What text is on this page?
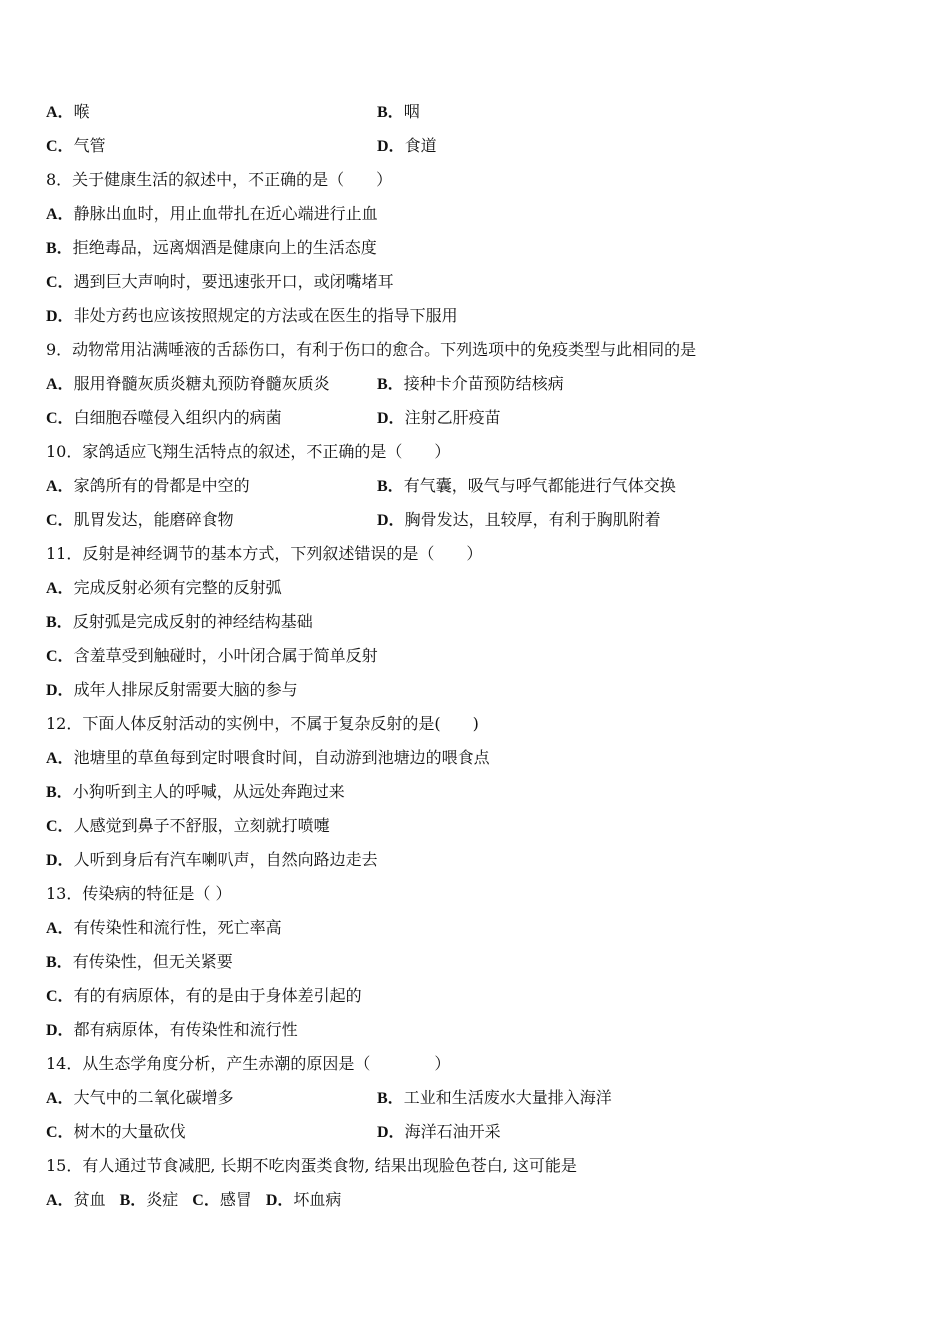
A．喉	B．咽
C．气管	D．食道
8．关于健康生活的叙述中，不正确的是（　　）
A．静脉出血时，用止血带扎在近心端进行止血
B．拒绝毒品，远离烟酒是健康向上的生活态度
C．遇到巨大声响时，要迅速张开口，或闭嘴堵耳
D．非处方药也应该按照规定的方法或在医生的指导下服用
9．动物常用沾满唾液的舌舔伤口，有利于伤口的愈合。下列选项中的免疫类型与此相同的是
A．服用脊髓灰质炎糖丸预防脊髓灰质炎	B．接种卡介苗预防结核病
C．白细胞吞噬侵入组织内的病菌	D．注射乙肝疫苗
10．家鸽适应飞翔生活特点的叙述，不正确的是（　　）
A．家鸽所有的骨都是中空的	B．有气囊，吸气与呼气都能进行气体交换
C．肌胃发达，能磨碎食物	D．胸骨发达，且较厚，有利于胸肌附着
11．反射是神经调节的基本方式，下列叙述错误的是（　　）
A．完成反射必须有完整的反射弧
B．反射弧是完成反射的神经结构基础
C．含羞草受到触碰时，小叶闭合属于简单反射
D．成年人排尿反射需要大脑的参与
12．下面人体反射活动的实例中，不属于复杂反射的是(　　)
A．池塘里的草鱼每到定时喂食时间，自动游到池塘边的喂食点
B．小狗听到主人的呼喊，从远处奔跑过来
C．人感觉到鼻子不舒服，立刻就打喷嚏
D．人听到身后有汽车喇叭声，自然向路边走去
13．传染病的特征是（ ）
A．有传染性和流行性，死亡率高
B．有传染性，但无关紧要
C．有的有病原体，有的是由于身体差引起的
D．都有病原体，有传染性和流行性
14．从生态学角度分析，产生赤潮的原因是（　　　　）
A．大气中的二氧化碳增多	B．工业和生活废水大量排入海洋
C．树木的大量砍伐	D．海洋石油开采
15．有人通过节食减肥, 长期不吃肉蛋类食物, 结果出现脸色苍白, 这可能是
A．贫血 B．炎症 C．感冒 D．坏血病
